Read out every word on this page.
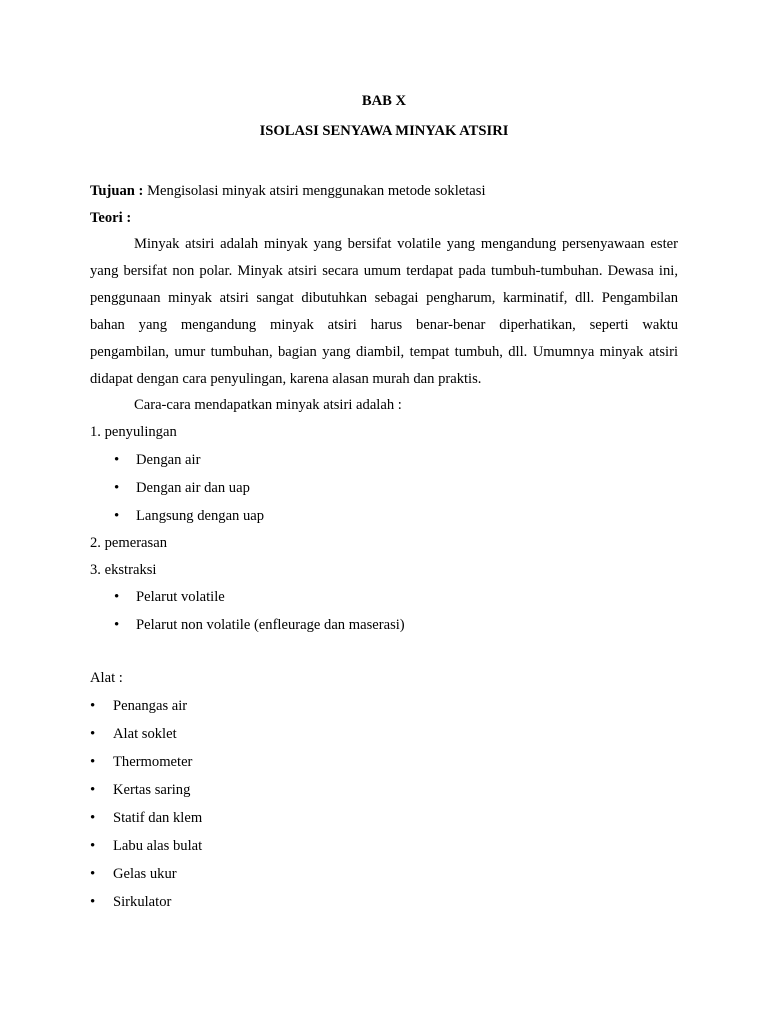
BAB X
ISOLASI SENYAWA MINYAK ATSIRI
Tujuan : Mengisolasi minyak atsiri menggunakan metode sokletasi
Teori :
Minyak atsiri adalah minyak yang bersifat volatile yang mengandung persenyawaan ester
yang bersifat non polar. Minyak atsiri secara umum terdapat pada tumbuh-tumbuhan. Dewasa ini,
penggunaan minyak atsiri sangat dibutuhkan sebagai pengharum, karminatif, dll. Pengambilan
bahan yang mengandung minyak atsiri harus benar-benar diperhatikan, seperti waktu
pengambilan, umur tumbuhan, bagian yang diambil, tempat tumbuh, dll. Umumnya minyak atsiri
didapat dengan cara penyulingan, karena alasan murah dan praktis.
Cara-cara mendapatkan minyak atsiri adalah :
1. penyulingan
• Dengan air
• Dengan air dan uap
• Langsung dengan uap
2. pemerasan
3. ekstraksi
• Pelarut volatile
• Pelarut non volatile (enfleurage dan maserasi)
Alat :
• Penangas air
• Alat soklet
• Thermometer
• Kertas saring
• Statif dan klem
• Labu alas bulat
• Gelas ukur
• Sirkulator
